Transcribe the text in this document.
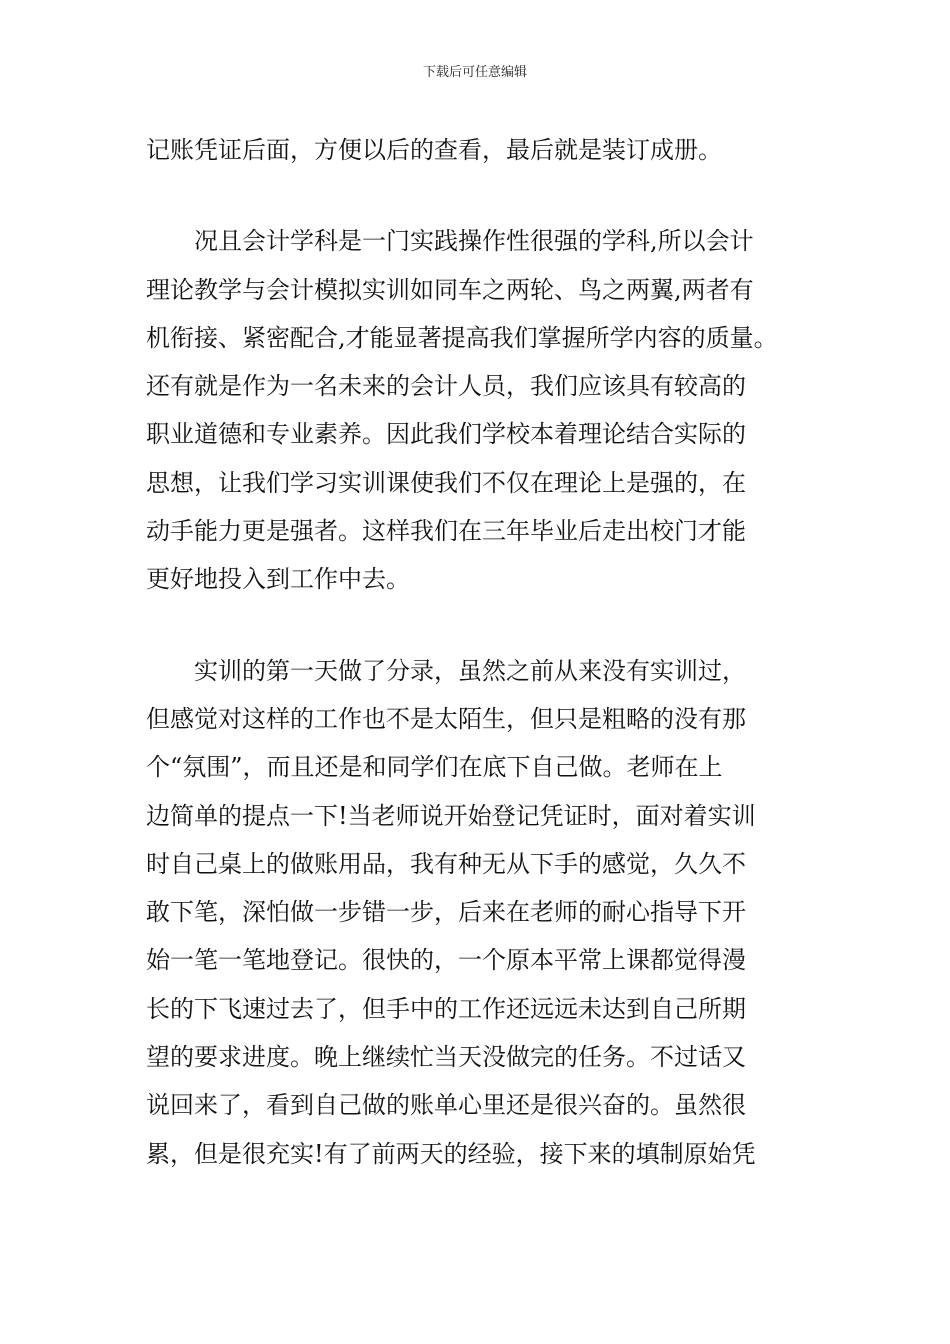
下载后可任意编辑
记账凭证后面，方便以后的查看，最后就是装订成册。
　　况且会计学科是一门实践操作性很强的学科,所以会计
理论教学与会计模拟实训如同车之两轮、鸟之两翼,两者有
机衔接、紧密配合,才能显著提高我们掌握所学内容的质量。
还有就是作为一名未来的会计人员，我们应该具有较高的
职业道德和专业素养。因此我们学校本着理论结合实际的
思想，让我们学习实训课使我们不仅在理论上是强的，在
动手能力更是强者。这样我们在三年毕业后走出校门才能
更好地投入到工作中去。
　　实训的第一天做了分录，虽然之前从来没有实训过，
但感觉对这样的工作也不是太陌生，但只是粗略的没有那
个“氛围”，而且还是和同学们在底下自己做。老师在上
边简单的提点一下!当老师说开始登记凭证时，面对着实训
时自己桌上的做账用品，我有种无从下手的感觉，久久不
敢下笔，深怕做一步错一步，后来在老师的耐心指导下开
始一笔一笔地登记。很快的，一个原本平常上课都觉得漫
长的下飞速过去了，但手中的工作还远远未达到自己所期
望的要求进度。晚上继续忙当天没做完的任务。不过话又
说回来了，看到自己做的账单心里还是很兴奋的。虽然很
累，但是很充实!有了前两天的经验，接下来的填制原始凭
